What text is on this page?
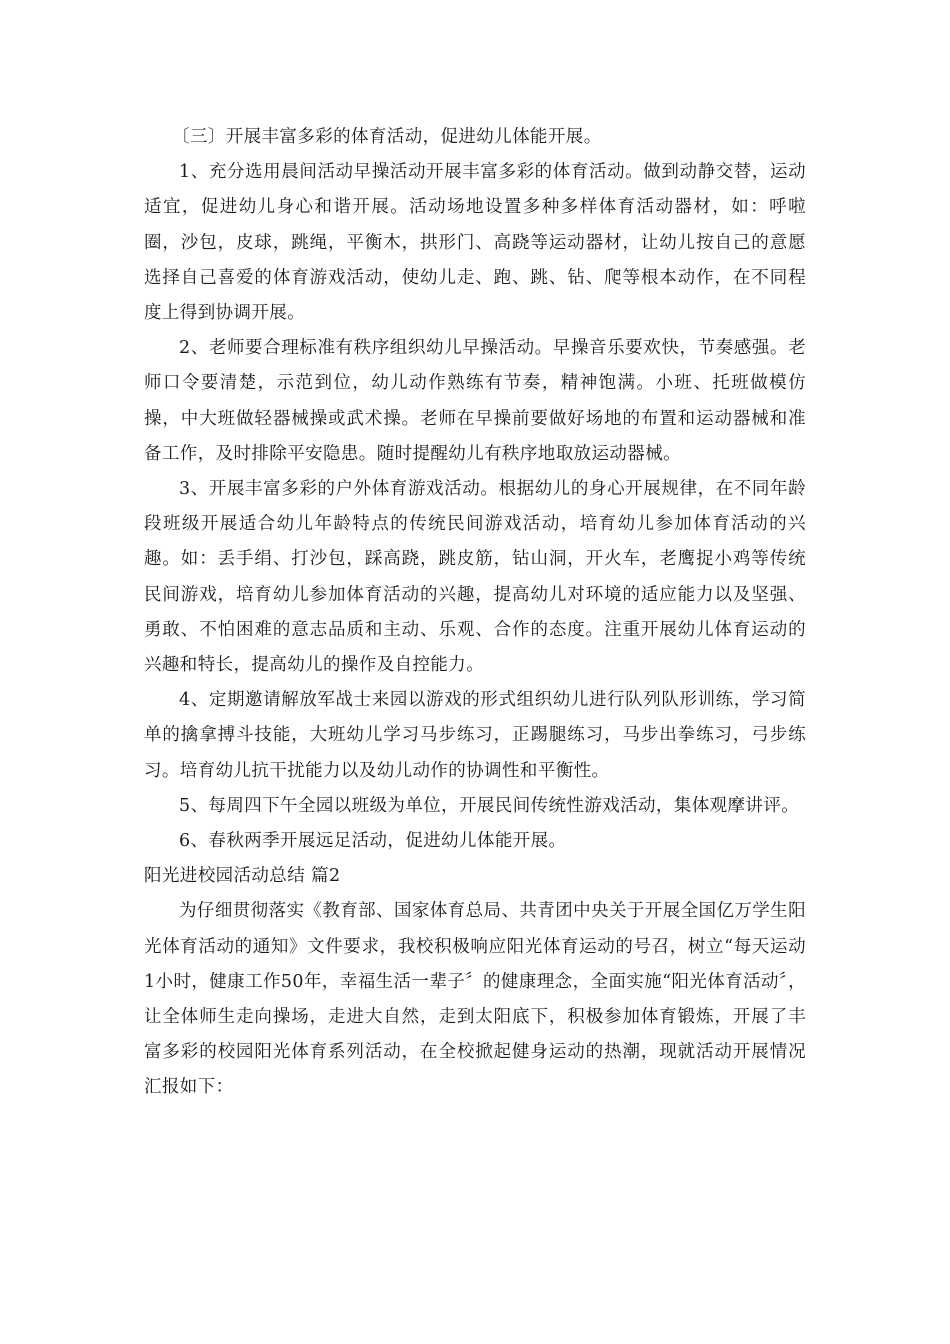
〔三〕开展丰富多彩的体育活动，促进幼儿体能开展。

1、充分选用晨间活动早操活动开展丰富多彩的体育活动。做到动静交替，运动适宜，促进幼儿身心和谐开展。活动场地设置多种多样体育活动器材，如：呼啦圈，沙包，皮球，跳绳，平衡木，拱形门、高跷等运动器材，让幼儿按自己的意愿选择自己喜爱的体育游戏活动，使幼儿走、跑、跳、钻、爬等根本动作，在不同程度上得到协调开展。

2、老师要合理标准有秩序组织幼儿早操活动。早操音乐要欢快，节奏感强。老师口令要清楚，示范到位，幼儿动作熟练有节奏，精神饱满。小班、托班做模仿操，中大班做轻器械操或武术操。老师在早操前要做好场地的布置和运动器械和准备工作，及时排除平安隐患。随时提醒幼儿有秩序地取放运动器械。

3、开展丰富多彩的户外体育游戏活动。根据幼儿的身心开展规律，在不同年龄段班级开展适合幼儿年龄特点的传统民间游戏活动，培育幼儿参加体育活动的兴趣。如：丢手绢、打沙包，踩高跷，跳皮筋，钻山洞，开火车，老鹰捉小鸡等传统民间游戏，培育幼儿参加体育活动的兴趣，提高幼儿对环境的适应能力以及坚强、勇敢、不怕困难的意志品质和主动、乐观、合作的态度。注重开展幼儿体育运动的兴趣和特长，提高幼儿的操作及自控能力。

4、定期邀请解放军战士来园以游戏的形式组织幼儿进行队列队形训练，学习简单的擒拿搏斗技能，大班幼儿学习马步练习，正踢腿练习，马步出拳练习，弓步练习。培育幼儿抗干扰能力以及幼儿动作的协调性和平衡性。

5、每周四下午全园以班级为单位，开展民间传统性游戏活动，集体观摩讲评。

6、春秋两季开展远足活动，促进幼儿体能开展。

阳光进校园活动总结 篇2

为仔细贯彻落实《教育部、国家体育总局、共青团中央关于开展全国亿万学生阳光体育活动的通知》文件要求，我校积极响应阳光体育运动的号召，树立“每天运动1小时，健康工作50年，幸福生活一辈子〞的健康理念，全面实施“阳光体育活动〞，让全体师生走向操场，走进大自然，走到太阳底下，积极参加体育锻炼，开展了丰富多彩的校园阳光体育系列活动，在全校掀起健身运动的热潮，现就活动开展情况汇报如下：
